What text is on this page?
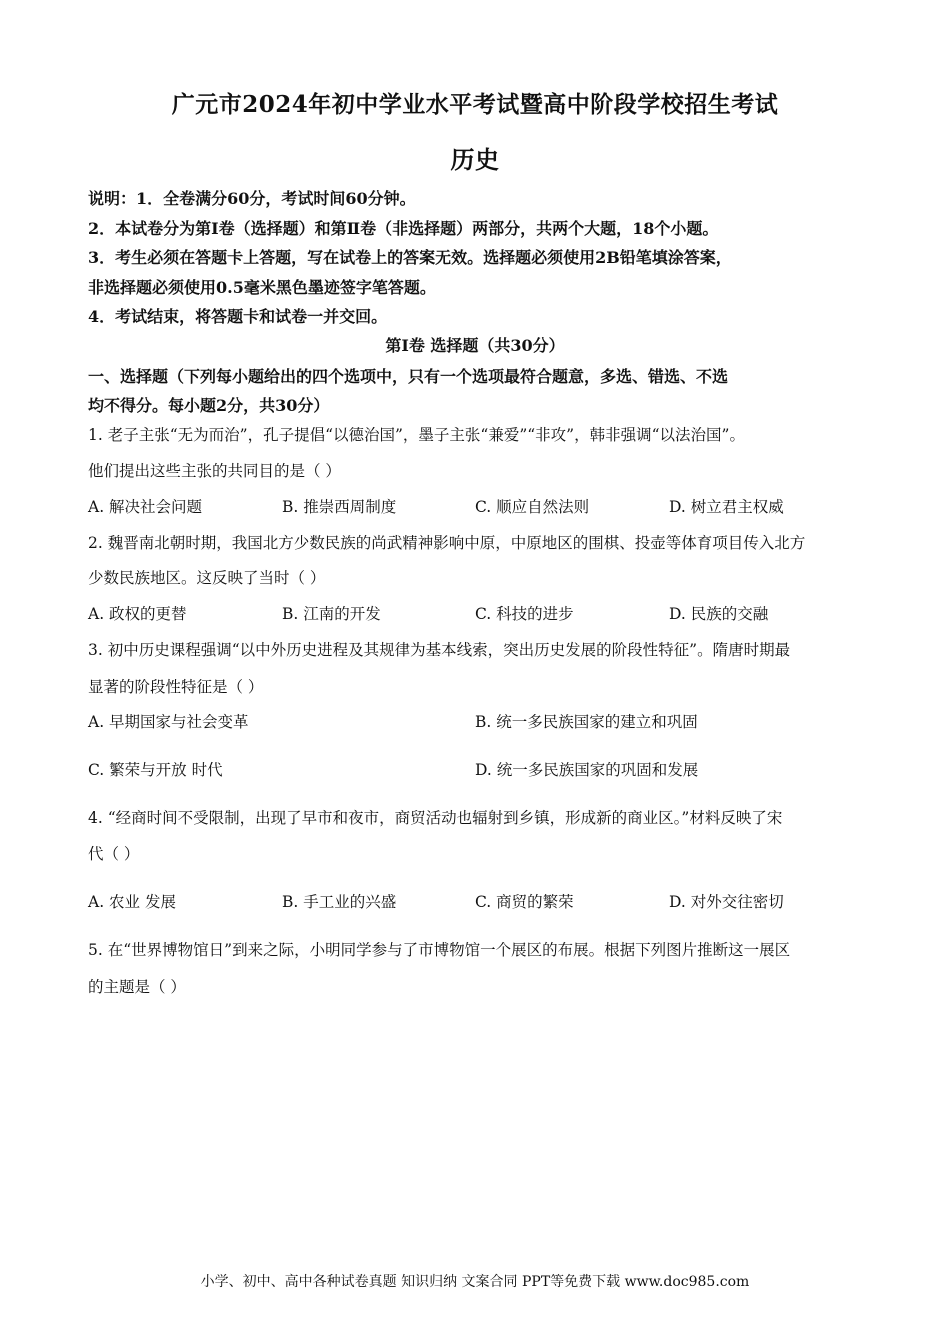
广元市2024年初中学业水平考试暨高中阶段学校招生考试
历史
说明：1．全卷满分60分，考试时间60分钟。
2．本试卷分为第Ⅰ卷（选择题）和第Ⅱ卷（非选择题）两部分，共两个大题，18个小题。
3．考生必须在答题卡上答题，写在试卷上的答案无效。选择题必须使用2B铅笔填涂答案，
非选择题必须使用0.5毫米黑色墨迹签字笔答题。
4．考试结束，将答题卡和试卷一并交回。
第Ⅰ卷 选择题（共30分）
一、选择题（下列每小题给出的四个选项中，只有一个选项最符合题意，多选、错选、不选
均不得分。每小题2分，共30分）
1. 老子主张“无为而治”，孔子提倡“以德治国”，墨子主张“兼爱”“非攻”，韩非强调“以法治国”。
他们提出这些主张的共同目的是（ ）
A. 解决社会问题	B. 推崇西周制度	C. 顺应自然法则	D. 树立君主权威
2. 魏晋南北朝时期，我国北方少数民族的尚武精神影响中原，中原地区的围棋、投壶等体育项目传入北方
少数民族地区。这反映了当时（ ）
A. 政权的更替	B. 江南的开发	C. 科技的进步	D. 民族的交融
3. 初中历史课程强调“以中外历史进程及其规律为基本线索，突出历史发展的阶段性特征”。隋唐时期最
显著的阶段性特征是（ ）
A. 早期国家与社会变革	B. 统一多民族国家的建立和巩固
C. 繁荣与开放 时代	D. 统一多民族国家的巩固和发展
4. “经商时间不受限制，出现了早市和夜市，商贸活动也辐射到乡镇，形成新的商业区。”材料反映了宋
代（ ）
A. 农业 发展	B. 手工业的兴盛	C. 商贸的繁荣	D. 对外交往密切
5. 在“世界博物馆日”到来之际，小明同学参与了市博物馆一个展区的布展。根据下列图片推断这一展区
的主题是（ ）
小学、初中、高中各种试卷真题 知识归纳 文案合同 PPT等免费下载 www.doc985.com
